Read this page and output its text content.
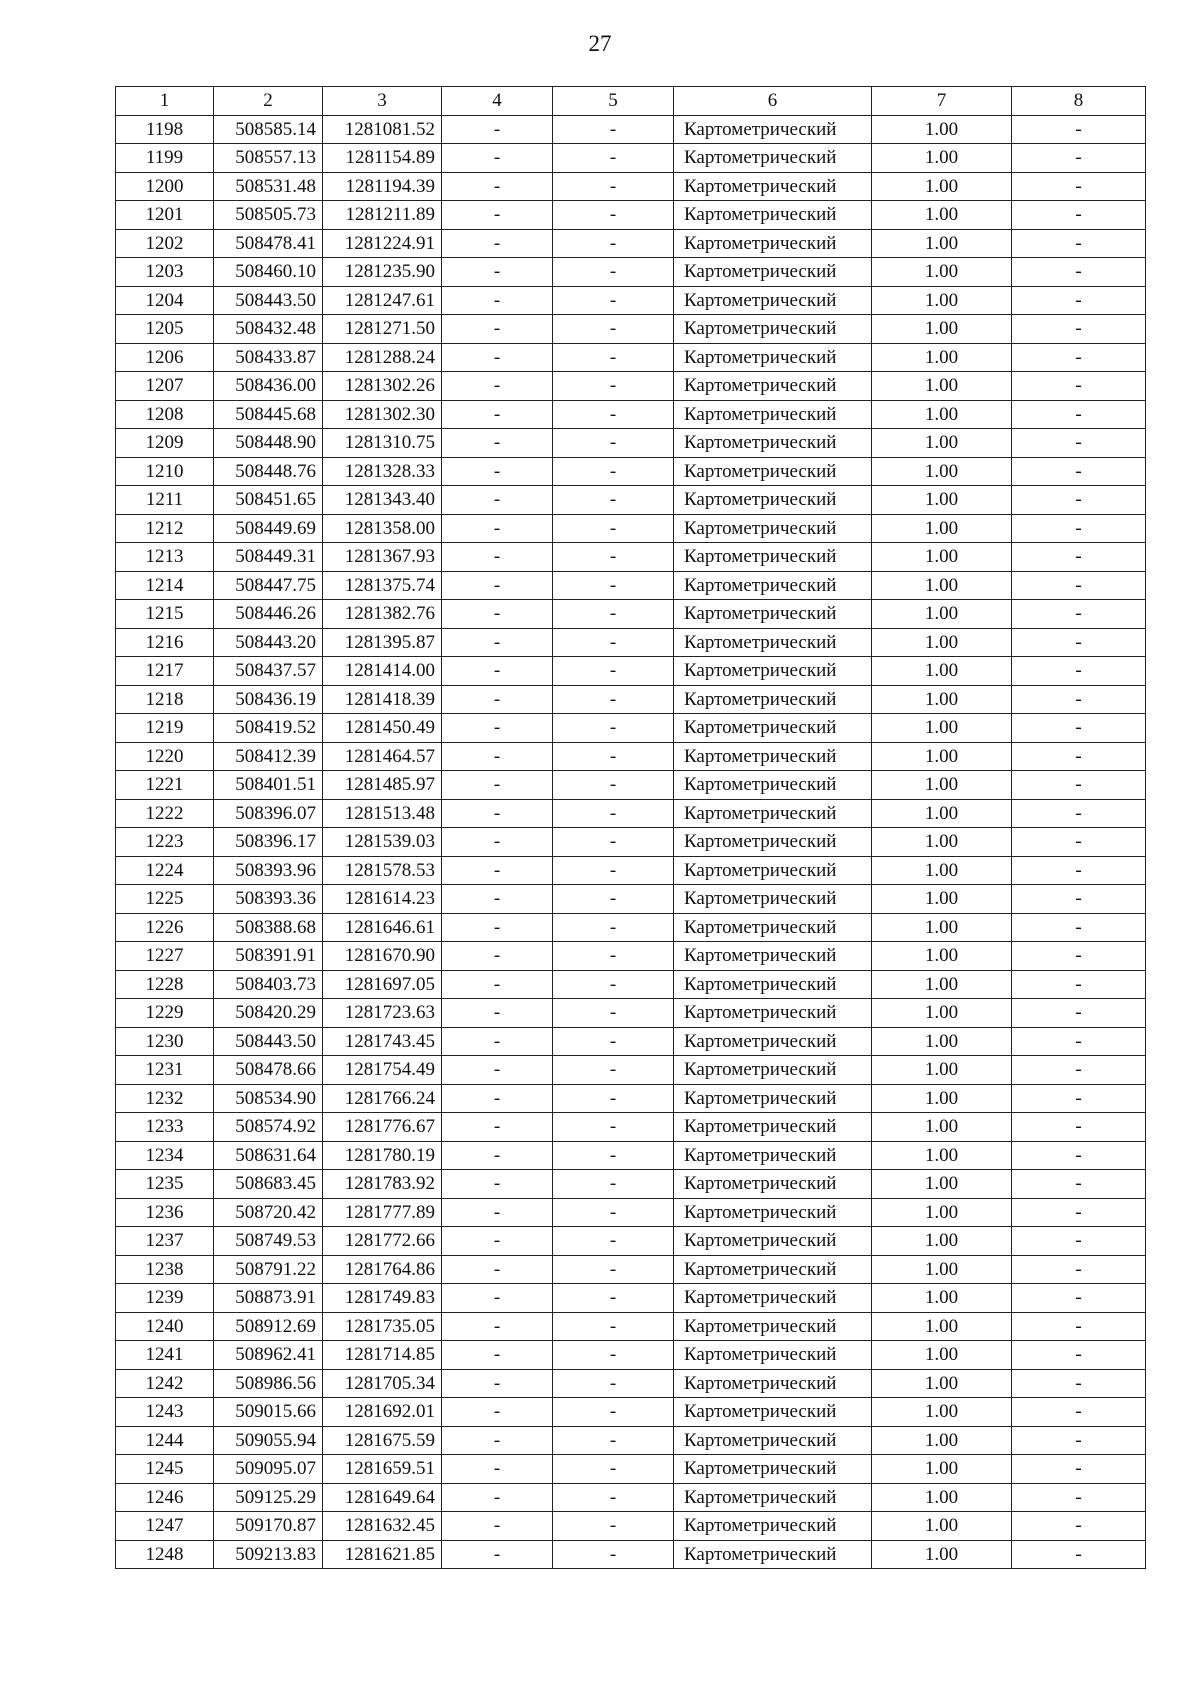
27
1	2	3	4	5	6	7	8
1198	508585.14	1281081.52	-	-	Картометрический	1.00	-
1199	508557.13	1281154.89	-	-	Картометрический	1.00	-
1200	508531.48	1281194.39	-	-	Картометрический	1.00	-
1201	508505.73	1281211.89	-	-	Картометрический	1.00	-
1202	508478.41	1281224.91	-	-	Картометрический	1.00	-
1203	508460.10	1281235.90	-	-	Картометрический	1.00	-
1204	508443.50	1281247.61	-	-	Картометрический	1.00	-
1205	508432.48	1281271.50	-	-	Картометрический	1.00	-
1206	508433.87	1281288.24	-	-	Картометрический	1.00	-
1207	508436.00	1281302.26	-	-	Картометрический	1.00	-
1208	508445.68	1281302.30	-	-	Картометрический	1.00	-
1209	508448.90	1281310.75	-	-	Картометрический	1.00	-
1210	508448.76	1281328.33	-	-	Картометрический	1.00	-
1211	508451.65	1281343.40	-	-	Картометрический	1.00	-
1212	508449.69	1281358.00	-	-	Картометрический	1.00	-
1213	508449.31	1281367.93	-	-	Картометрический	1.00	-
1214	508447.75	1281375.74	-	-	Картометрический	1.00	-
1215	508446.26	1281382.76	-	-	Картометрический	1.00	-
1216	508443.20	1281395.87	-	-	Картометрический	1.00	-
1217	508437.57	1281414.00	-	-	Картометрический	1.00	-
1218	508436.19	1281418.39	-	-	Картометрический	1.00	-
1219	508419.52	1281450.49	-	-	Картометрический	1.00	-
1220	508412.39	1281464.57	-	-	Картометрический	1.00	-
1221	508401.51	1281485.97	-	-	Картометрический	1.00	-
1222	508396.07	1281513.48	-	-	Картометрический	1.00	-
1223	508396.17	1281539.03	-	-	Картометрический	1.00	-
1224	508393.96	1281578.53	-	-	Картометрический	1.00	-
1225	508393.36	1281614.23	-	-	Картометрический	1.00	-
1226	508388.68	1281646.61	-	-	Картометрический	1.00	-
1227	508391.91	1281670.90	-	-	Картометрический	1.00	-
1228	508403.73	1281697.05	-	-	Картометрический	1.00	-
1229	508420.29	1281723.63	-	-	Картометрический	1.00	-
1230	508443.50	1281743.45	-	-	Картометрический	1.00	-
1231	508478.66	1281754.49	-	-	Картометрический	1.00	-
1232	508534.90	1281766.24	-	-	Картометрический	1.00	-
1233	508574.92	1281776.67	-	-	Картометрический	1.00	-
1234	508631.64	1281780.19	-	-	Картометрический	1.00	-
1235	508683.45	1281783.92	-	-	Картометрический	1.00	-
1236	508720.42	1281777.89	-	-	Картометрический	1.00	-
1237	508749.53	1281772.66	-	-	Картометрический	1.00	-
1238	508791.22	1281764.86	-	-	Картометрический	1.00	-
1239	508873.91	1281749.83	-	-	Картометрический	1.00	-
1240	508912.69	1281735.05	-	-	Картометрический	1.00	-
1241	508962.41	1281714.85	-	-	Картометрический	1.00	-
1242	508986.56	1281705.34	-	-	Картометрический	1.00	-
1243	509015.66	1281692.01	-	-	Картометрический	1.00	-
1244	509055.94	1281675.59	-	-	Картометрический	1.00	-
1245	509095.07	1281659.51	-	-	Картометрический	1.00	-
1246	509125.29	1281649.64	-	-	Картометрический	1.00	-
1247	509170.87	1281632.45	-	-	Картометрический	1.00	-
1248	509213.83	1281621.85	-	-	Картометрический	1.00	-
